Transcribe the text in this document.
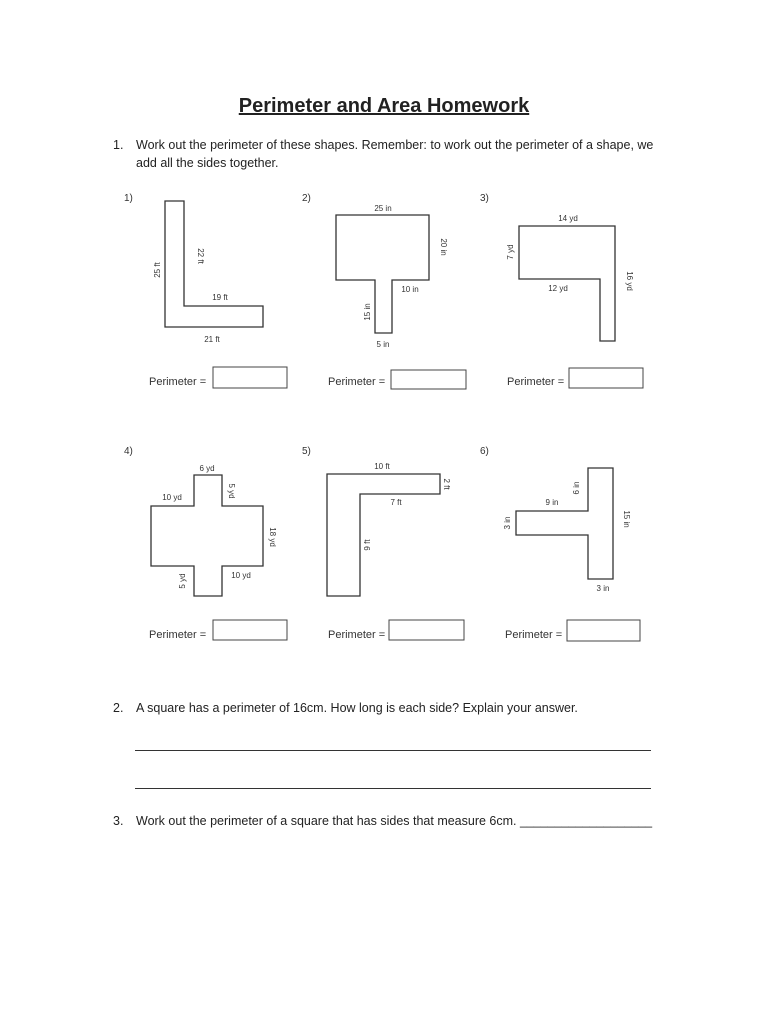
Perimeter and Area Homework
1. Work out the perimeter of these shapes. Remember: to work out the perimeter of a shape, we
add all the sides together.
1)
25 ft
22 ft
19 ft
21 ft
2)
25 in
20 in
10 in
15 in
5 in
3)
14 yd
7 yd
12 yd	16 yd
Perimeter =	Perimeter =	Perimeter =
4)
6 yd
10 yd	5 yd
18 yd
5 yd	10 yd
5)
10 ft
2 ft
7 ft
9 ft
6)
6 in
9 in
3 in	15 in
3 in
Perimeter =	Perimeter =	Perimeter =
2. A square has a perimeter of 16cm. How long is each side? Explain your answer.
3. Work out the perimeter of a square that has sides that measure 6cm. ___________________
